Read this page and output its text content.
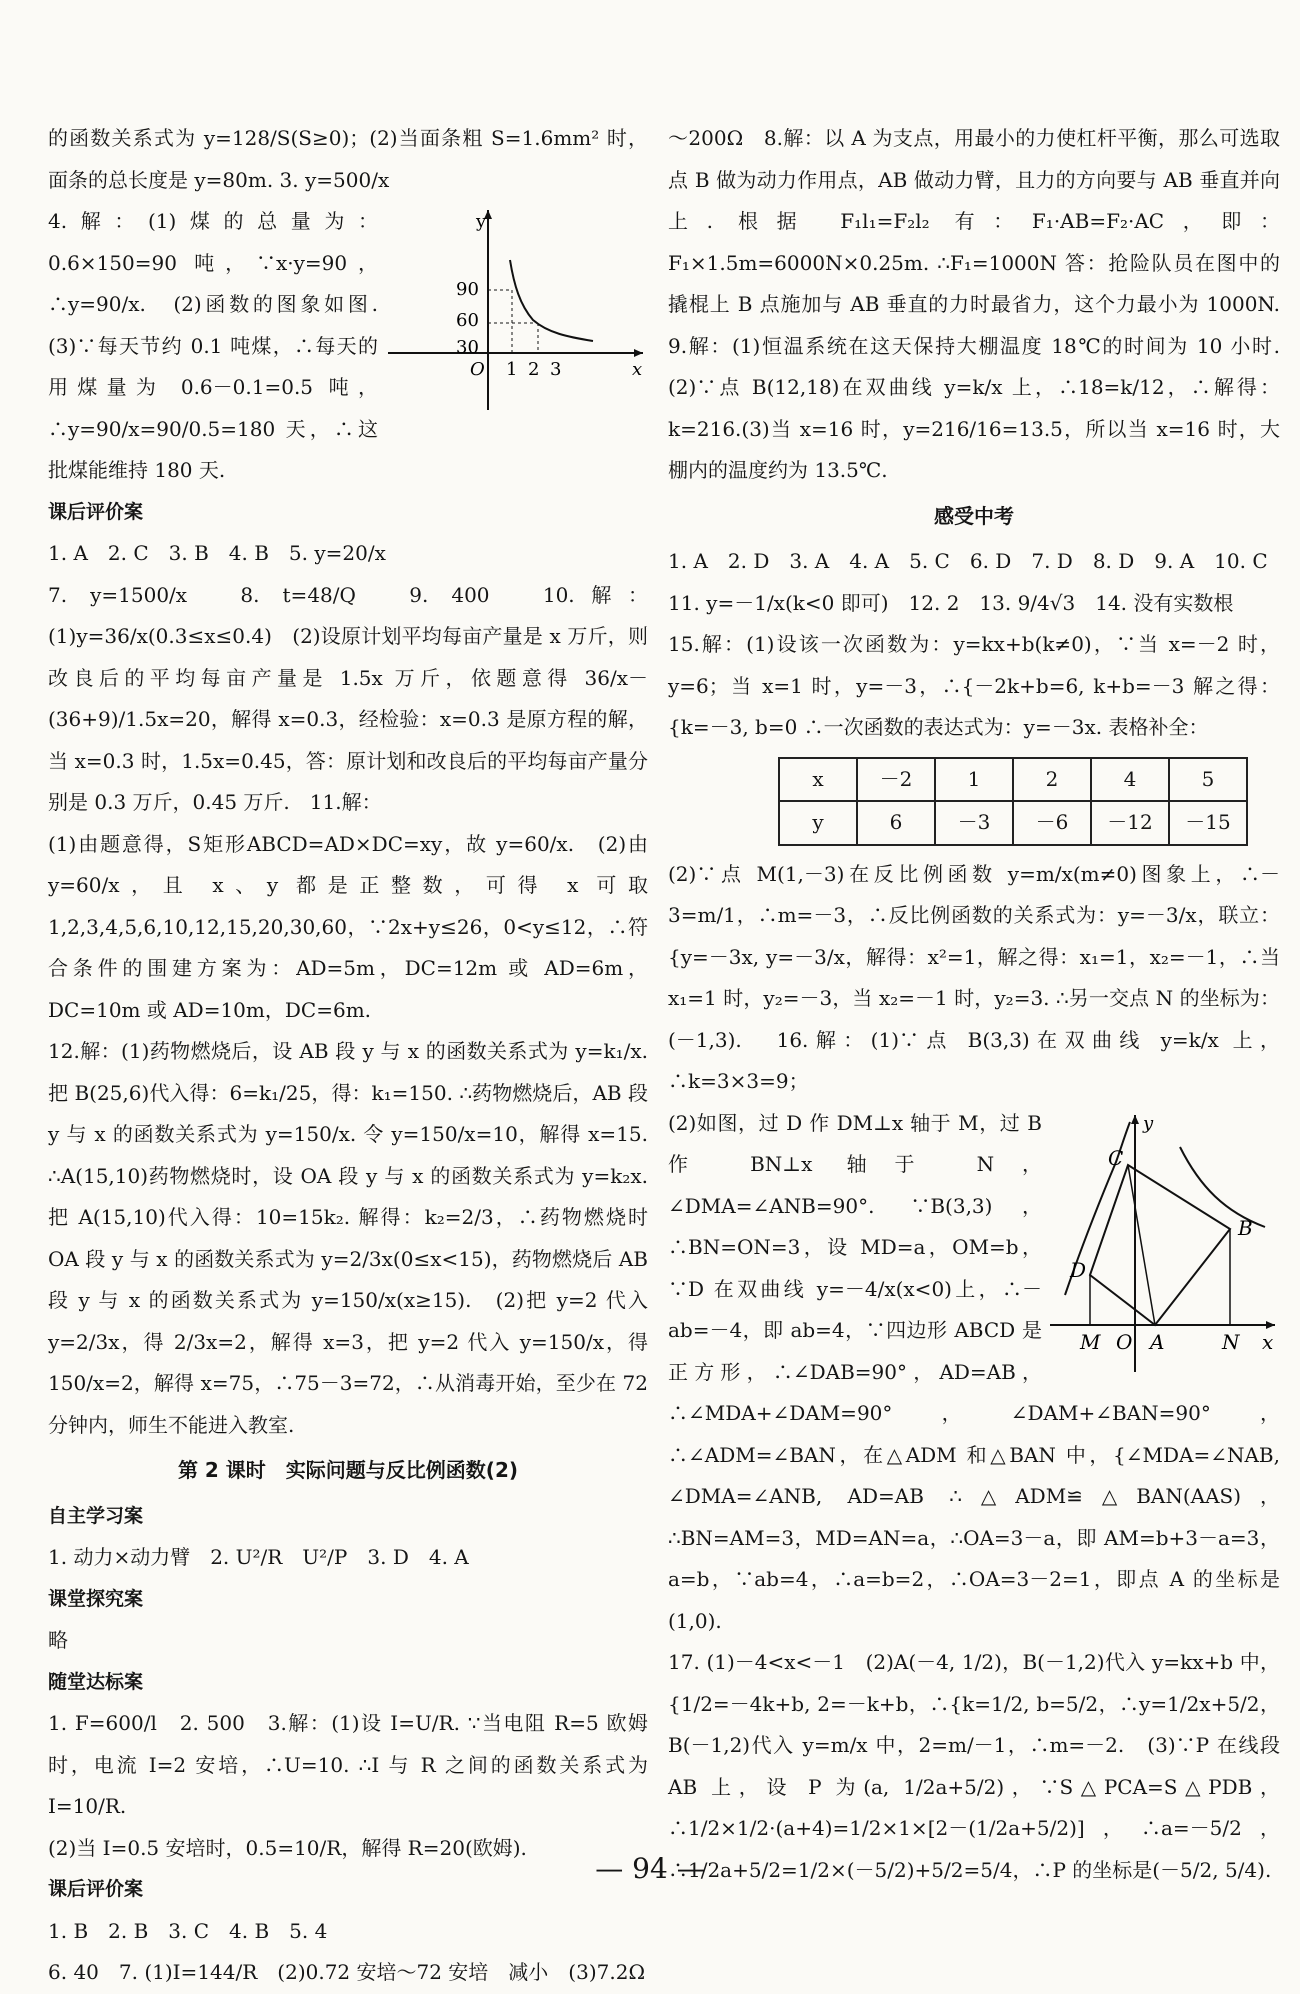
的函数关系式为 y=128/S(S≥0)；(2)当面条粗 S=1.6mm² 时，面条的总长度是 y=80m. 3. y=500/x

y
90
60
30
O 1 2 3	x

4.解：(1)煤的总量为：0.6×150=90 吨，∵x·y=90，∴y=90/x.　(2)函数的图象如图.　(3)∵每天节约 0.1 吨煤，∴每天的用煤量为 0.6－0.1=0.5 吨，∴y=90/x=90/0.5=180 天，∴这批煤能维持 180 天.

课后评价案

1. A　2. C　3. B　4. B　5. y=20/x

7. y=1500/x　8. t=48/Q　9. 400　10.解：(1)y=36/x(0.3≤x≤0.4)　(2)设原计划平均每亩产量是 x 万斤，则改良后的平均每亩产量是 1.5x 万斤，依题意得 36/x－(36+9)/1.5x=20，解得 x=0.3，经检验：x=0.3 是原方程的解，当 x=0.3 时，1.5x=0.45，答：原计划和改良后的平均每亩产量分别是 0.3 万斤，0.45 万斤.　11.解：

(1)由题意得，S矩形ABCD=AD×DC=xy，故 y=60/x.　(2)由 y=60/x，且 x、y 都是正整数，可得 x 可取 1,2,3,4,5,6,10,12,15,20,30,60，∵2x+y≤26，0<y≤12，∴符合条件的围建方案为：AD=5m，DC=12m 或 AD=6m，DC=10m 或 AD=10m，DC=6m.

12.解：(1)药物燃烧后，设 AB 段 y 与 x 的函数关系式为 y=k₁/x. 把 B(25,6)代入得：6=k₁/25，得：k₁=150. ∴药物燃烧后，AB 段 y 与 x 的函数关系式为 y=150/x. 令 y=150/x=10，解得 x=15. ∴A(15,10)药物燃烧时，设 OA 段 y 与 x 的函数关系式为 y=k₂x. 把 A(15,10)代入得：10=15k₂. 解得：k₂=2/3，∴药物燃烧时 OA 段 y 与 x 的函数关系式为 y=2/3x(0≤x<15)，药物燃烧后 AB 段 y 与 x 的函数关系式为 y=150/x(x≥15).　(2)把 y=2 代入 y=2/3x，得 2/3x=2，解得 x=3，把 y=2 代入 y=150/x，得 150/x=2，解得 x=75，∴75－3=72，∴从消毒开始，至少在 72 分钟内，师生不能进入教室.

第 2 课时　实际问题与反比例函数(2)

自主学习案

1. 动力×动力臂　2. U²/R　U²/P　3. D　4. A

课堂探究案

略

随堂达标案

1. F=600/l　2. 500　3.解：(1)设 I=U/R. ∵当电阻 R=5 欧姆时，电流 I=2 安培，∴U=10. ∴I 与 R 之间的函数关系式为 I=10/R.

(2)当 I=0.5 安培时，0.5=10/R，解得 R=20(欧姆).

课后评价案

1. B　2. B　3. C　4. B　5. 4

6. 40　7. (1)I=144/R　(2)0.72 安培～72 安培　减小　(3)7.2Ω

～200Ω　8.解：以 A 为支点，用最小的力使杠杆平衡，那么可选取点 B 做为动力作用点，AB 做动力臂，且力的方向要与 AB 垂直并向上. 根据 F₁l₁=F₂l₂ 有：F₁·AB=F₂·AC，即：F₁×1.5m=6000N×0.25m. ∴F₁=1000N 答：抢险队员在图中的撬棍上 B 点施加与 AB 垂直的力时最省力，这个力最小为 1000N.　9.解：(1)恒温系统在这天保持大棚温度 18℃的时间为 10 小时.(2)∵点 B(12,18)在双曲线 y=k/x 上，∴18=k/12，∴解得：k=216.(3)当 x=16 时，y=216/16=13.5，所以当 x=16 时，大棚内的温度约为 13.5℃.

感受中考

1. A　2. D　3. A　4. A　5. C　6. D　7. D　8. D　9. A　10. C

11. y=－1/x(k<0 即可)　12. 2　13. 9/4√3　14. 没有实数根

15.解：(1)设该一次函数为：y=kx+b(k≠0)，∵当 x=－2 时，y=6；当 x=1 时，y=－3，∴{－2k+b=6, k+b=－3 解之得：{k=－3, b=0 ∴一次函数的表达式为：y=－3x. 表格补全：

x	－2	1	2	4	5
y	6	－3	－6	－12	－15

(2)∵点 M(1,－3)在反比例函数 y=m/x(m≠0)图象上，∴－3=m/1，∴m=－3，∴反比例函数的关系式为：y=－3/x，联立：{y=－3x, y=－3/x，解得：x²=1，解之得：x₁=1，x₂=－1，∴当 x₁=1 时，y₂=－3，当 x₂=－1 时，y₂=3. ∴另一交点 N 的坐标为：(－1,3).　16.解：(1)∵点 B(3,3)在双曲线 y=k/x 上，∴k=3×3=9；

y
C
B
D
M O A	N x

(2)如图，过 D 作 DM⊥x 轴于 M，过 B 作 BN⊥x 轴于 N，∠DMA=∠ANB=90°. ∵B(3,3)，∴BN=ON=3，设 MD=a，OM=b，∵D 在双曲线 y=－4/x(x<0)上，∴－ab=－4，即 ab=4，∵四边形 ABCD 是正方形，∴∠DAB=90°，AD=AB，∴∠MDA+∠DAM=90°，∠DAM+∠BAN=90°，∴∠ADM=∠BAN，在△ADM 和△BAN 中，{∠MDA=∠NAB, ∠DMA=∠ANB, AD=AB ∴△ADM≌△BAN(AAS)，∴BN=AM=3，MD=AN=a，∴OA=3－a，即 AM=b+3－a=3，a=b，∵ab=4，∴a=b=2，∴OA=3－2=1，即点 A 的坐标是(1,0).

17. (1)－4<x<－1　(2)A(－4, 1/2)，B(－1,2)代入 y=kx+b 中，{1/2=－4k+b, 2=－k+b，∴{k=1/2, b=5/2，∴y=1/2x+5/2，B(－1,2)代入 y=m/x 中，2=m/－1，∴m=－2.　(3)∵P 在线段 AB 上，设 P 为(a, 1/2a+5/2)，∵S△PCA=S△PDB，∴1/2×1/2·(a+4)=1/2×1×[2－(1/2a+5/2)]，∴a=－5/2，∴1/2a+5/2=1/2×(－5/2)+5/2=5/4，∴P 的坐标是(－5/2, 5/4).

— 94 —
